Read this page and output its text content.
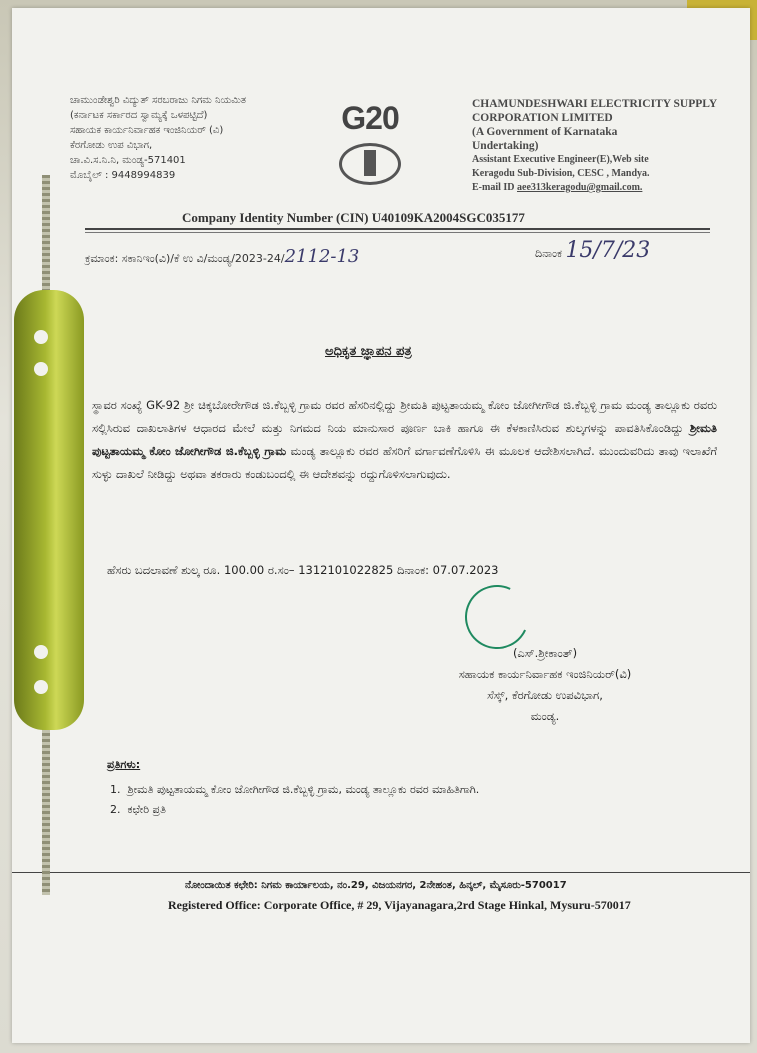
ಚಾಮುಂಡೇಶ್ವರಿ ವಿದ್ಯುತ್ ಸರಬರಾಜು ನಿಗಮ ನಿಯಮಿತ
(ಕರ್ನಾಟಕ ಸರ್ಕಾರದ ಸ್ವಾಮ್ಯಕ್ಕೆ ಒಳಪಟ್ಟಿದೆ)
ಸಹಾಯಕ ಕಾರ್ಯನಿರ್ವಾಹಕ ಇಂಜಿನಿಯರ್ (ವಿ)
ಕೆರಗೋಡು ಉಪ ವಿಭಾಗ,
ಚಾ.ವಿ.ಸ.ನಿ.ನಿ, ಮಂಡ್ಯ-571401
ಮೊಬೈಲ್ : 9448994839
G20	CHAMUNDESHWARI ELECTRICITY SUPPLY
CORPORATION LIMITED
(A Government of Karnataka
Undertaking)
Assistant Executive Engineer(E),Web site
Keragodu Sub-Division, CESC , Mandya.
E-mail ID aee313keragodu@gmail.com.
Company Identity Number (CIN) U40109KA2004SGC035177
ಕ್ರಮಾಂಕ: ಸಕಾನಿಇಂ(ವಿ)/ಕೆ ಉ ವಿ/ಮಂಡ್ಯ/2023-24/2112-13	ದಿನಾಂಕ 15/7/23
ಅಧಿಕೃತ ಜ್ಞಾಪನ ಪತ್ರ
ಸ್ಥಾವರ ಸಂಖ್ಯೆ GK-92 ಶ್ರೀ ಚಿಕ್ಕಬೋರೇಗೌಡ ಜಿ.ಕೆಬ್ಬಳ್ಳಿ ಗ್ರಾಮ ರವರ ಹೆಸರಿನಲ್ಲಿದ್ದು ಶ್ರೀಮತಿ ಪುಟ್ಟತಾಯಮ್ಮ ಕೋಂ ಜೋಗೀಗೌಡ ಜಿ.ಕೆಬ್ಬಳ್ಳಿ ಗ್ರಾಮ ಮಂಡ್ಯ ತಾಲ್ಲೂಕು ರವರು ಸಲ್ಲಿಸಿರುವ ದಾಖಲಾತಿಗಳ ಆಧಾರದ ಮೇಲೆ ಮತ್ತು ನಿಗಮದ ನಿಯ ಮಾನುಸಾರ ಪೂರ್ಣ ಬಾಕಿ ಹಾಗೂ ಈ ಕೆಳಕಾಣಿಸಿರುವ ಶುಲ್ಕಗಳನ್ನು ಪಾವತಿಸಿಕೊಂಡಿದ್ದು ಶ್ರೀಮತಿ ಪುಟ್ಟತಾಯಮ್ಮ ಕೋಂ ಜೋಗೀಗೌಡ ಜಿ.ಕೆಬ್ಬಳ್ಳಿ ಗ್ರಾಮ ಮಂಡ್ಯ ತಾಲ್ಲೂಕು ರವರ ಹೆಸರಿಗೆ ವರ್ಗಾವಣೆಗೊಳಿಸಿ ಈ ಮೂಲಕ ಆದೇಶಿಸಲಾಗಿದೆ. ಮುಂದುವರಿದು ತಾವು ಇಲಾಖೆಗೆ ಸುಳ್ಳು ದಾಖಲೆ ನೀಡಿದ್ದು ಅಥವಾ ತಕರಾರು ಕಂಡುಬಂದಲ್ಲಿ ಈ ಆದೇಶವನ್ನು ರದ್ದುಗೊಳಿಸಲಾಗುವುದು.
ಹೆಸರು ಬದಲಾವಣೆ ಶುಲ್ಕ ರೂ. 100.00 ರ.ಸಂ– 1312101022825 ದಿನಾಂಕ: 07.07.2023
(ಎಸ್.ಶ್ರೀಕಾಂತ್)
ಸಹಾಯಕ ಕಾರ್ಯನಿರ್ವಾಹಕ ಇಂಜಿನಿಯರ್(ವಿ)
ಸೆಸ್ಕ್, ಕೆರಗೋಡು ಉಪವಿಭಾಗ,
ಮಂಡ್ಯ.
ಪ್ರತಿಗಳು:
1.  ಶ್ರೀಮತಿ ಪುಟ್ಟತಾಯಮ್ಮ ಕೋಂ ಜೋಗೀಗೌಡ ಜಿ.ಕೆಬ್ಬಳ್ಳಿ ಗ್ರಾಮ, ಮಂಡ್ಯ ತಾಲ್ಲೂಕು ರವರ ಮಾಹಿತಿಗಾಗಿ.
2.  ಕಛೇರಿ ಪ್ರತಿ
ನೋಂದಾಯಿತ ಕಛೇರಿ: ನಿಗಮ ಕಾರ್ಯಾಲಯ, ನಂ.29, ವಿಜಯನಗರ, 2ನೇಹಂತ, ಹಿನ್ಕಲ್, ಮೈಸೂರು-570017
Registered Office: Corporate Office, # 29, Vijayanagara,2rd Stage Hinkal, Mysuru-570017
